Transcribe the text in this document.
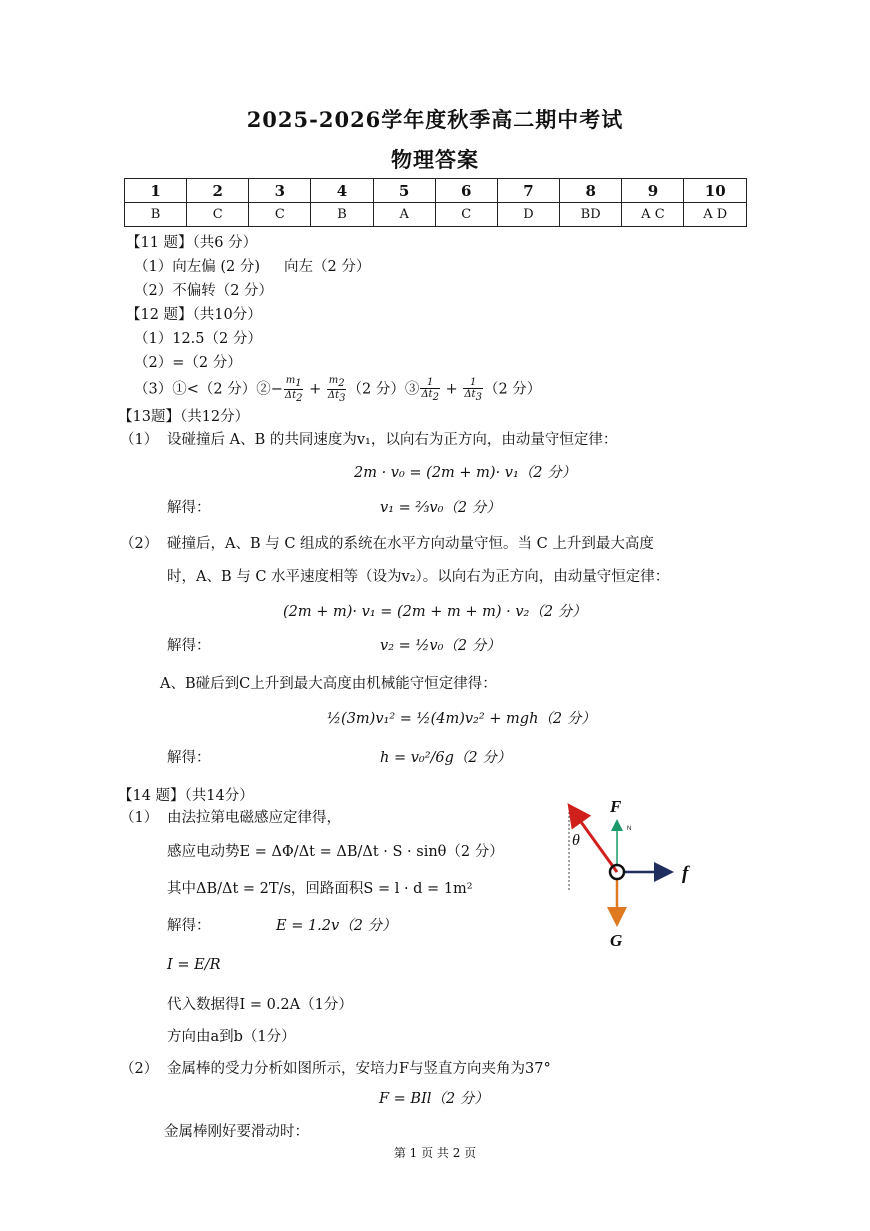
2025-2026学年度秋季高二期中考试
物理答案
1	2	3	4	5	6	7	8	9	10
B	C	C	B	A	C	D	BD	A C	A D
【11 题】（共6 分）
（1）向左偏 (2 分) 向左（2 分）
（2）不偏转（2 分）
【12 题】（共10分）
（1）12.5（2 分）
（2）=（2 分）
（3）①<（2 分）②− $\frac{m_1}{\Delta t_2} + \frac{m_2}{\Delta t_3} (2$ 分）③ $\frac{1}{\Delta t_2} + \frac{1}{\Delta t_3} (2$ 分）
【13题】（共12分）
（1） 设碰撞后 A、B 的共同速度为v₁，以向右为正方向，由动量守恒定律：
2m · v₀ = (2m + m)· v₁（2 分）
解得：	v₁ = ⅔v₀（2 分）
（2） 碰撞后，A、B 与 C 组成的系统在水平方向动量守恒。当 C 上升到最大高度
时，A、B 与 C 水平速度相等（设为v₂）。以向右为正方向，由动量守恒定律：
(2m + m)· v₁ = (2m + m + m) · v₂（2 分）
解得：	v₂ = ½v₀（2 分）
A、B碰后到C上升到最大高度由机械能守恒定律得：
½(3m)v₁² = ½(4m)v₂² + mgh（2 分）
解得：	h = v₀²/6g（2 分）
【14 题】（共14分）
（1） 由法拉第电磁感应定律得，
感应电动势E = ΔΦ/Δt = ΔB/Δt · S · sinθ（2 分）
其中ΔB/Δt = 2T/s，回路面积S = l · d = 1m²
解得：	E = 1.2v（2 分）
I = E/R
代入数据得I = 0.2A（1分）
方向由a到b（1分）
（2） 金属棒的受力分析如图所示，安培力F与竖直方向夹角为37°
F = BIl（2 分）
金属棒刚好要滑动时：
F
N
θ
f
G
第 1 页 共 2 页
